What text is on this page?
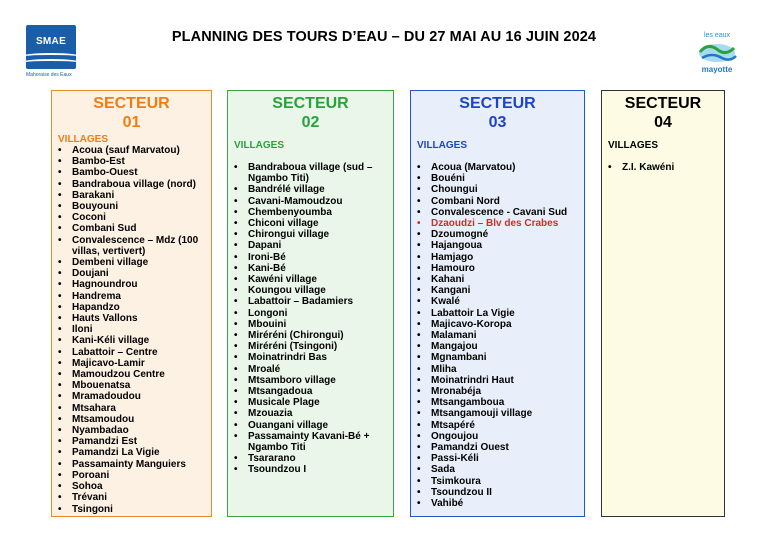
SMAE
Mahoraise des Eaux
PLANNING DES TOURS D’EAU – DU 27 MAI AU 16 JUIN 2024	les eaux
mayotte
SECTEUR
01
VILLAGES
• Acoua (sauf Marvatou)
• Bambo-Est
• Bambo-Ouest
• Bandraboua village (nord)
• Barakani
• Bouyouni
• Coconi
• Combani Sud
• Convalescence – Mdz (100 villas, vertivert)
• Dembeni village
• Doujani
• Hagnoundrou
• Handrema
• Hapandzo
• Hauts Vallons
• Iloni
• Kani-Kéli village
• Labattoir – Centre
• Majicavo-Lamir
• Mamoudzou Centre
• Mbouenatsa
• Mramadoudou
• Mtsahara
• Mtsamoudou
• Nyambadao
• Pamandzi Est
• Pamandzi La Vigie
• Passamainty Manguiers
• Poroani
• Sohoa
• Trévani
• Tsingoni
SECTEUR
02
VILLAGES
• Bandraboua village (sud – Ngambo Titi)
• Bandrélé village
• Cavani-Mamoudzou
• Chembenyoumba
• Chiconi village
• Chirongui village
• Dapani
• Ironi-Bé
• Kani-Bé
• Kawéni village
• Koungou village
• Labattoir – Badamiers
• Longoni
• Mbouini
• Miréréni (Chirongui)
• Miréréni (Tsingoni)
• Moinatrindri Bas
• Mroalé
• Mtsamboro village
• Mtsangadoua
• Musicale Plage
• Mzouazia
• Ouangani village
• Passamainty Kavani-Bé + Ngambo Titi
• Tsararano
• Tsoundzou I
SECTEUR
03
VILLAGES
• Acoua (Marvatou)
• Bouéni
• Choungui
• Combani Nord
• Convalescence - Cavani Sud
• Dzaoudzi – Blv des Crabes
• Dzoumogné
• Hajangoua
• Hamjago
• Hamouro
• Kahani
• Kangani
• Kwalé
• Labattoir La Vigie
• Majicavo-Koropa
• Malamani
• Mangajou
• Mgnambani
• Mliha
• Moinatrindri Haut
• Mronabéja
• Mtsangamboua
• Mtsangamouji village
• Mtsapéré
• Ongoujou
• Pamandzi Ouest
• Passi-Kéli
• Sada
• Tsimkoura
• Tsoundzou II
• Vahibé
SECTEUR
04
VILLAGES
• Z.I. Kawéni
